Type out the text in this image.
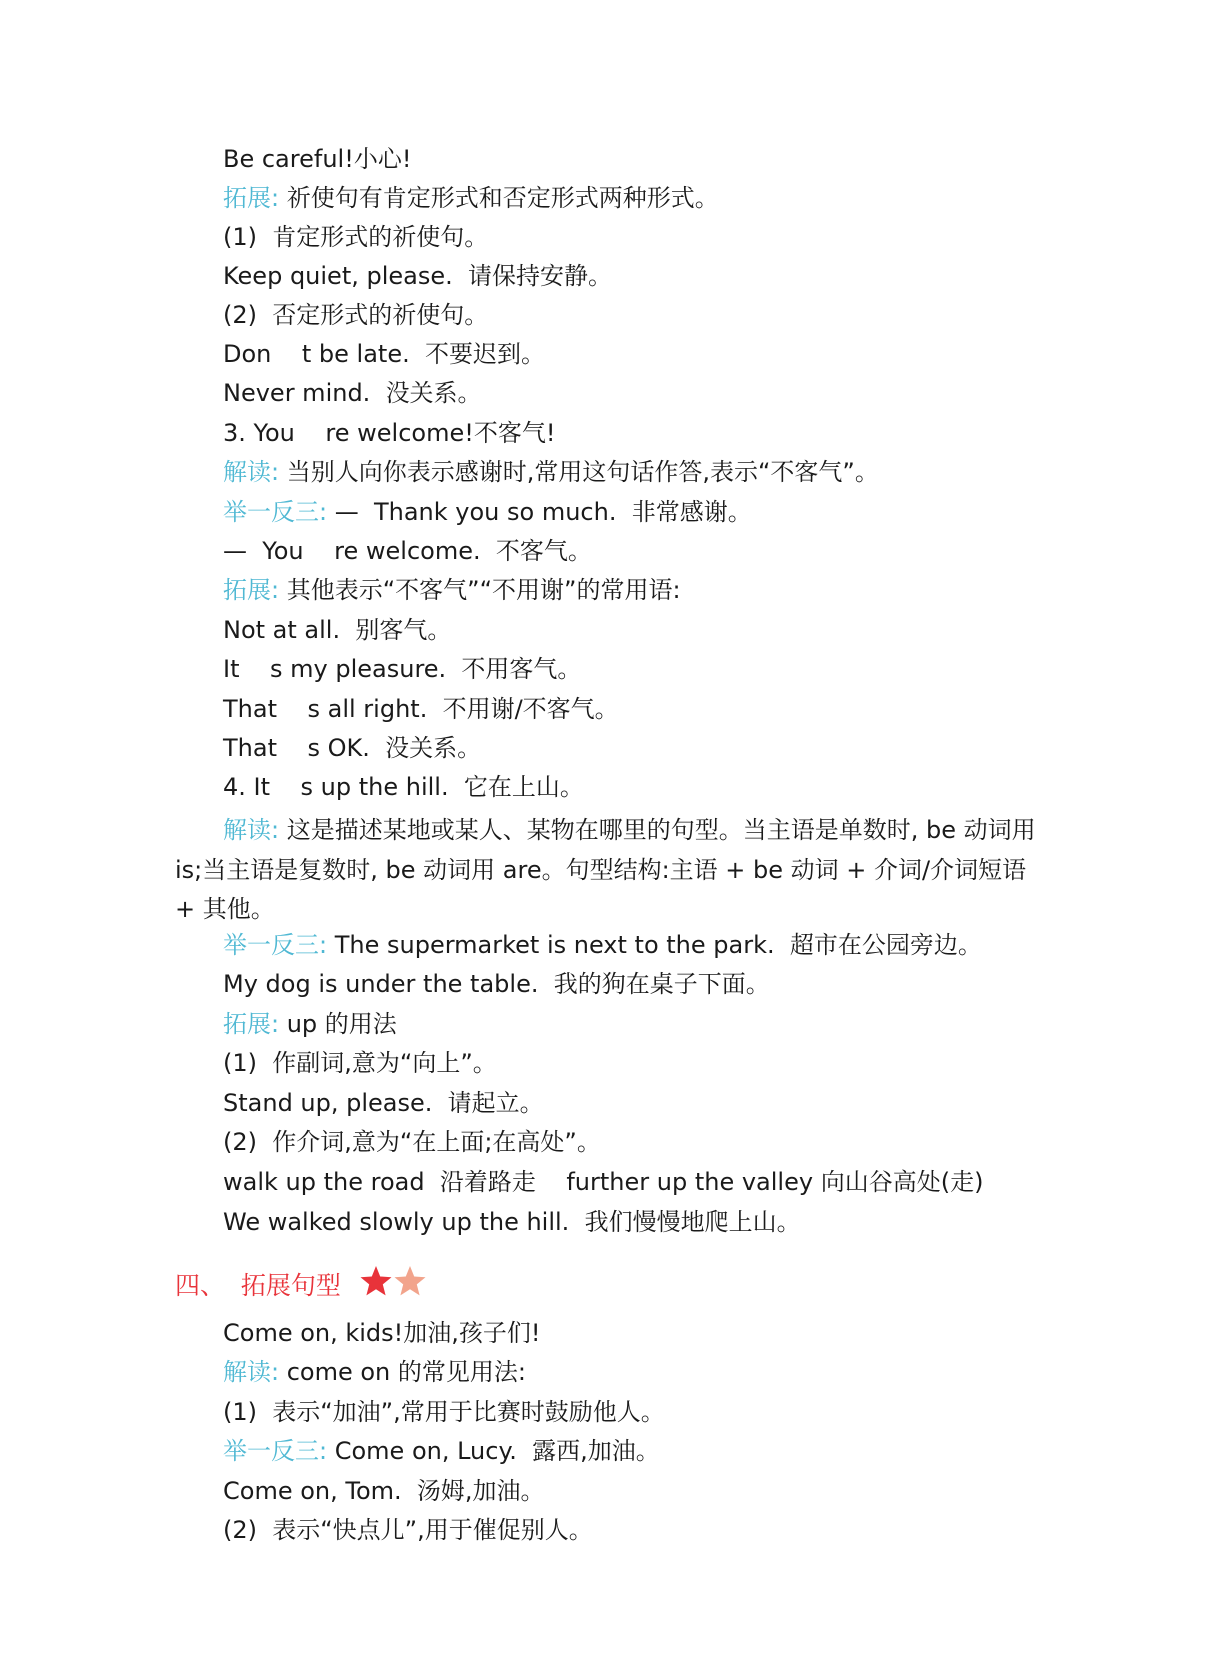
Be careful!小心!
拓展: 祈使句有肯定形式和否定形式两种形式。
(1)  肯定形式的祈使句。
Keep quiet, please.  请保持安静。
(2)  否定形式的祈使句。
Don    t be late.  不要迟到。
Never mind.  没关系。
3. You    re welcome!不客气!
解读: 当别人向你表示感谢时,常用这句话作答,表示“不客气”。
举一反三: —  Thank you so much.  非常感谢。
—  You    re welcome.  不客气。
拓展: 其他表示“不客气”“不用谢”的常用语:
Not at all.  别客气。
It    s my pleasure.  不用客气。
That    s all right.  不用谢/不客气。
That    s OK.  没关系。
4. It    s up the hill.  它在上山。
解读: 这是描述某地或某人、某物在哪里的句型。当主语是单数时, be 动词用 is;当主语是复数时, be 动词用 are。句型结构:主语 + be 动词 + 介词/介词短语 + 其他。
举一反三: The supermarket is next to the park.  超市在公园旁边。
My dog is under the table.  我的狗在桌子下面。
拓展: up 的用法
(1)  作副词,意为“向上”。
Stand up, please.  请起立。
(2)  作介词,意为“在上面;在高处”。
walk up the road  沿着路走    further up the valley 向山谷高处(走)
We walked slowly up the hill.  我们慢慢地爬上山。
四、  拓展句型
Come on, kids!加油,孩子们!
解读: come on 的常见用法:
(1)  表示“加油”,常用于比赛时鼓励他人。
举一反三: Come on, Lucy.  露西,加油。
Come on, Tom.  汤姆,加油。
(2)  表示“快点儿”,用于催促别人。
